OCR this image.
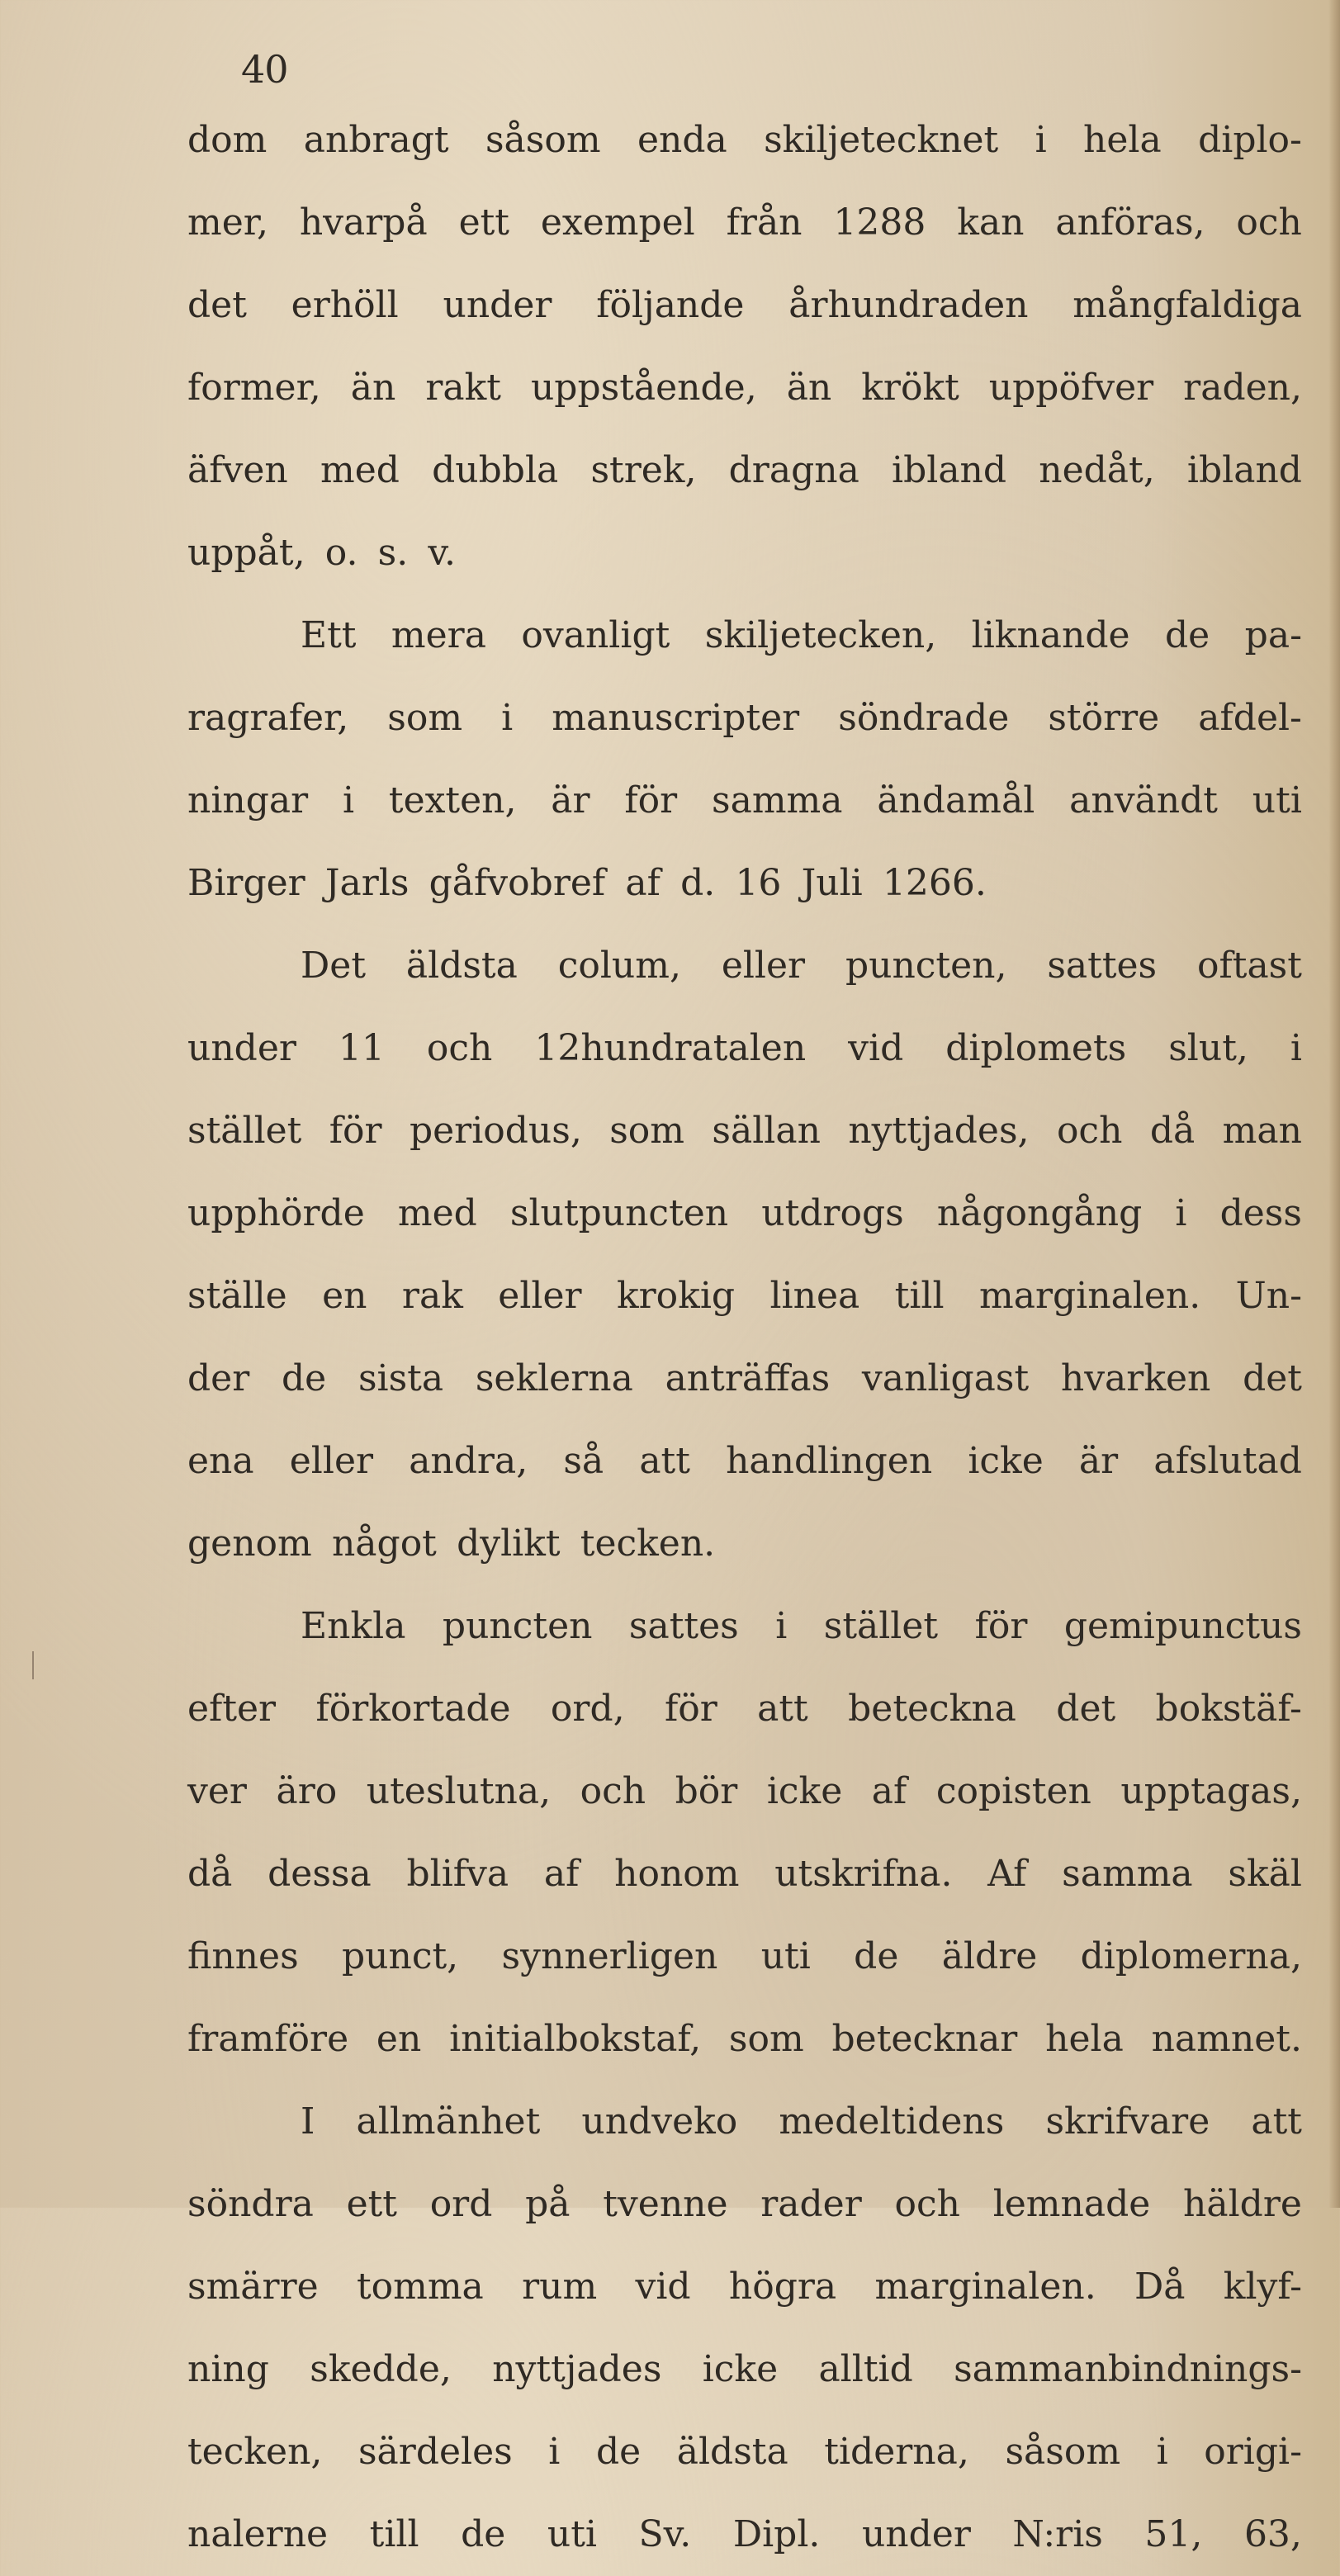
40
dom anbragt såsom enda skiljetecknet i hela diplo-
mer, hvarpå ett exempel från 1288 kan anföras, och
det erhöll under följande århundraden mångfaldiga
former, än rakt uppstående, än krökt uppöfver raden,
äfven med dubbla strek, dragna ibland nedåt, ibland
uppåt, o. s. v.
Ett mera ovanligt skiljetecken, liknande de pa-
ragrafer, som i manuscripter söndrade större afdel-
ningar i texten, är för samma ändamål användt uti
Birger Jarls gåfvobref af d. 16 Juli 1266.
Det äldsta colum, eller puncten, sattes oftast
under 11 och 12hundratalen vid diplomets slut, i
stället för periodus, som sällan nyttjades, och då man
upphörde med slutpuncten utdrogs någongång i dess
ställe en rak eller krokig linea till marginalen. Un-
der de sista seklerna anträffas vanligast hvarken det
ena eller andra, så att handlingen icke är afslutad
genom något dylikt tecken.
Enkla puncten sattes i stället för gemipunctus
efter förkortade ord, för att beteckna det bokstäf-
ver äro uteslutna, och bör icke af copisten upptagas,
då dessa blifva af honom utskrifna. Af samma skäl
finnes punct, synnerligen uti de äldre diplomerna,
framföre en initialbokstaf, som betecknar hela namnet.
I allmänhet undveko medeltidens skrifvare att
söndra ett ord på tvenne rader och lemnade häldre
smärre tomma rum vid högra marginalen. Då klyf-
ning skedde, nyttjades icke alltid sammanbindnings-
tecken, särdeles i de äldsta tiderna, såsom i origi-
nalerne till de uti Sv. Dipl. under N:ris 51, 63,
